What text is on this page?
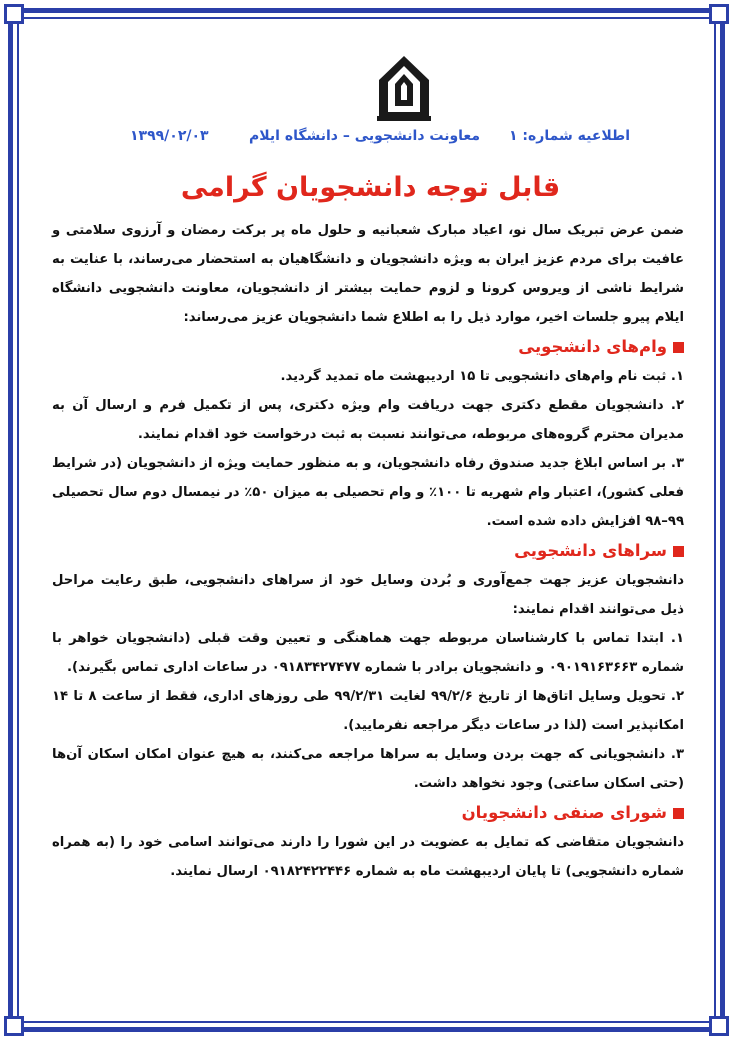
اطلاعیه شماره: ۱
معاونت دانشجویی – دانشگاه ایلام
۱۳۹۹/۰۲/۰۳
قابل توجه دانشجویان گرامی

ضمن عرض تبریک سال نو، اعیاد مبارک شعبانیه و حلول ماه پر برکت رمضان و آرزوی سلامتی و عافیت برای مردم عزیز ایران به ویژه دانشجویان و دانشگاهیان به استحضار می‌رساند، با عنایت به شرایط ناشی از ویروس کرونا و لزوم حمایت بیشتر از دانشجویان، معاونت دانشجویی دانشگاه ایلام پیرو جلسات اخیر، موارد ذیل را به اطلاع شما دانشجویان عزیز می‌رساند:

وام‌های دانشجویی

۱. ثبت نام وام‌های دانشجویی تا ۱۵ اردیبهشت ماه تمدید گردید.

۲. دانشجویان مقطع دکتری جهت دریافت وام ویژه دکتری، پس از تکمیل فرم و ارسال آن به مدیران محترم گروه‌های مربوطه، می‌توانند نسبت به ثبت درخواست خود اقدام نمایند.

۳. بر اساس ابلاغ جدید صندوق رفاه دانشجویان، و به منظور حمایت ویژه از دانشجویان (در شرایط فعلی کشور)، اعتبار وام شهریه تا ۱۰۰٪ و وام تحصیلی به میزان ۵۰٪ در نیمسال دوم سال تحصیلی ۹۹–۹۸ افزایش داده شده است.

سراهای دانشجویی

دانشجویان عزیز جهت جمع‌آوری و بُردن وسایل خود از سراهای دانشجویی، طبق رعایت مراحل ذیل می‌توانند اقدام نمایند:

۱. ابتدا تماس با کارشناسان مربوطه جهت هماهنگی و تعیین وقت قبلی (دانشجویان خواهر با شماره ۰۹۰۱۹۱۶۳۶۶۳ و دانشجویان برادر با شماره ۰۹۱۸۳۴۲۷۴۷۷ در ساعات اداری تماس بگیرند).

۲. تحویل وسایل اتاق‌ها از تاریخ ۹۹/۲/۶ لغایت ۹۹/۲/۳۱ طی روزهای اداری، فقط از ساعت ۸ تا ۱۴ امکانپذیر است (لذا در ساعات دیگر مراجعه نفرمایید).

۳. دانشجویانی که جهت بردن وسایل به سراها مراجعه می‌کنند، به هیچ عنوان امکان اسکان آن‌ها (حتی اسکان ساعتی) وجود نخواهد داشت.

شورای صنفی دانشجویان

دانشجویان متقاضی که تمایل به عضویت در این شورا را دارند می‌توانند اسامی خود را (به همراه شماره دانشجویی) تا پایان اردیبهشت ماه به شماره ۰۹۱۸۲۴۲۲۴۴۶ ارسال نمایند.
